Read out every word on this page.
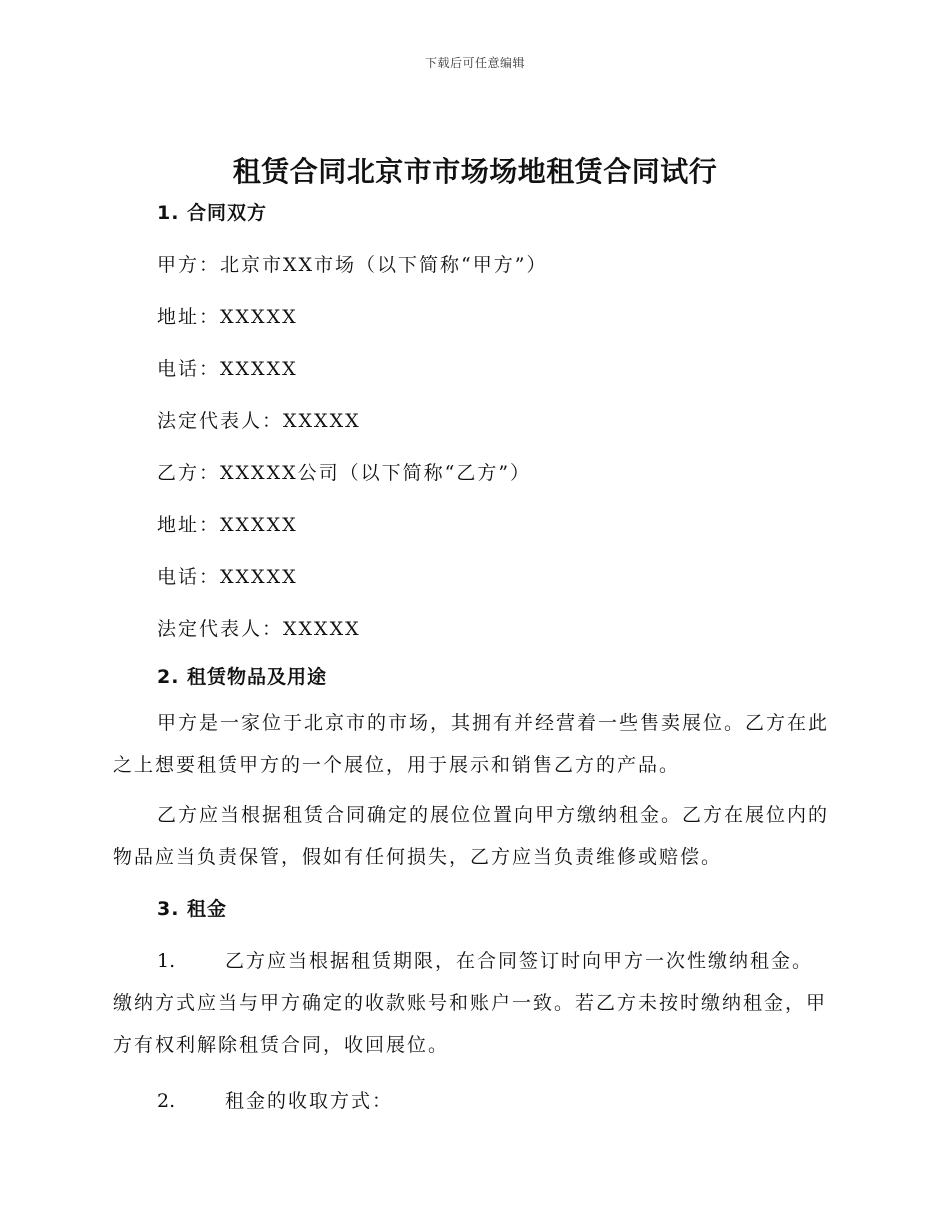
下载后可任意编辑
租赁合同北京市市场场地租赁合同试行
1. 合同双方
甲方：北京市XX市场（以下简称“甲方”）
地址：XXXXX
电话：XXXXX
法定代表人：XXXXX
乙方：XXXXX公司（以下简称“乙方”）
地址：XXXXX
电话：XXXXX
法定代表人：XXXXX
2. 租赁物品及用途

甲方是一家位于北京市的市场，其拥有并经营着一些售卖展位。乙方在此之上想要租赁甲方的一个展位，用于展示和销售乙方的产品。

乙方应当根据租赁合同确定的展位位置向甲方缴纳租金。乙方在展位内的物品应当负责保管，假如有任何损失，乙方应当负责维修或赔偿。

3. 租金

1.	乙方应当根据租赁期限，在合同签订时向甲方一次性缴纳租金。缴纳方式应当与甲方确定的收款账号和账户一致。若乙方未按时缴纳租金，甲方有权利解除租赁合同，收回展位。

2.	租金的收取方式：
